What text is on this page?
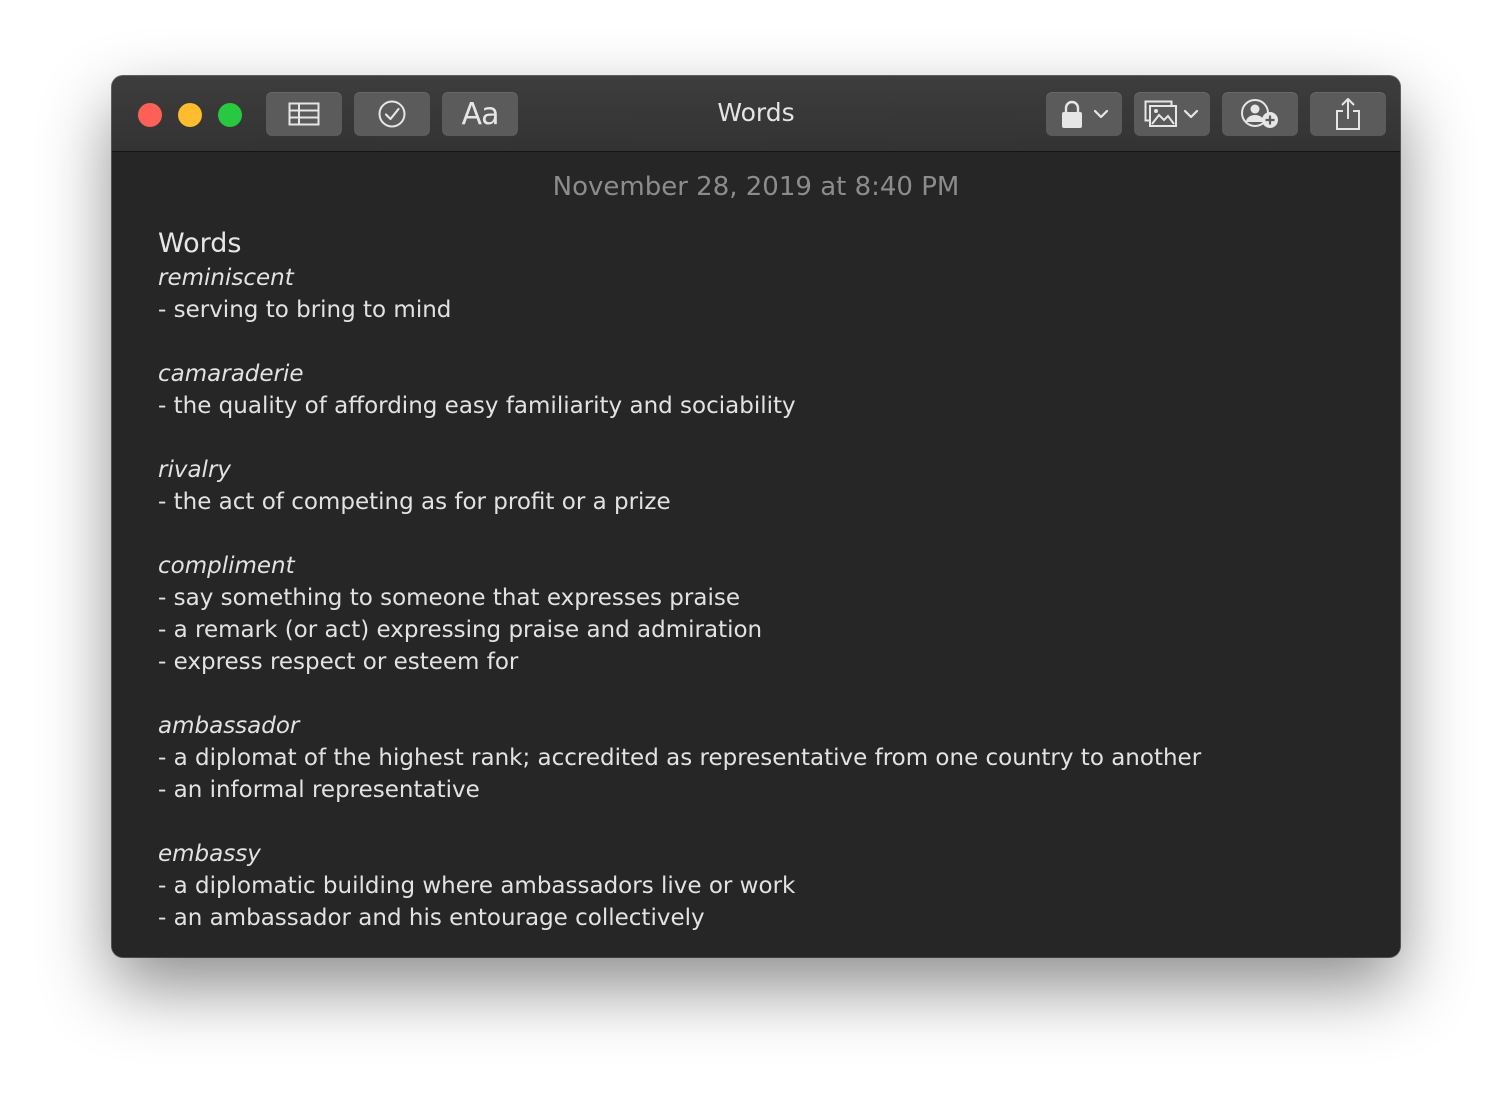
Aa	Words
November 28, 2019 at 8:40 PM
Words
reminiscent
- serving to bring to mind
camaraderie
- the quality of affording easy familiarity and sociability
rivalry
- the act of competing as for profit or a prize
compliment
- say something to someone that expresses praise
- a remark (or act) expressing praise and admiration
- express respect or esteem for
ambassador
- a diplomat of the highest rank; accredited as representative from one country to another
- an informal representative
embassy
- a diplomatic building where ambassadors live or work
- an ambassador and his entourage collectively
